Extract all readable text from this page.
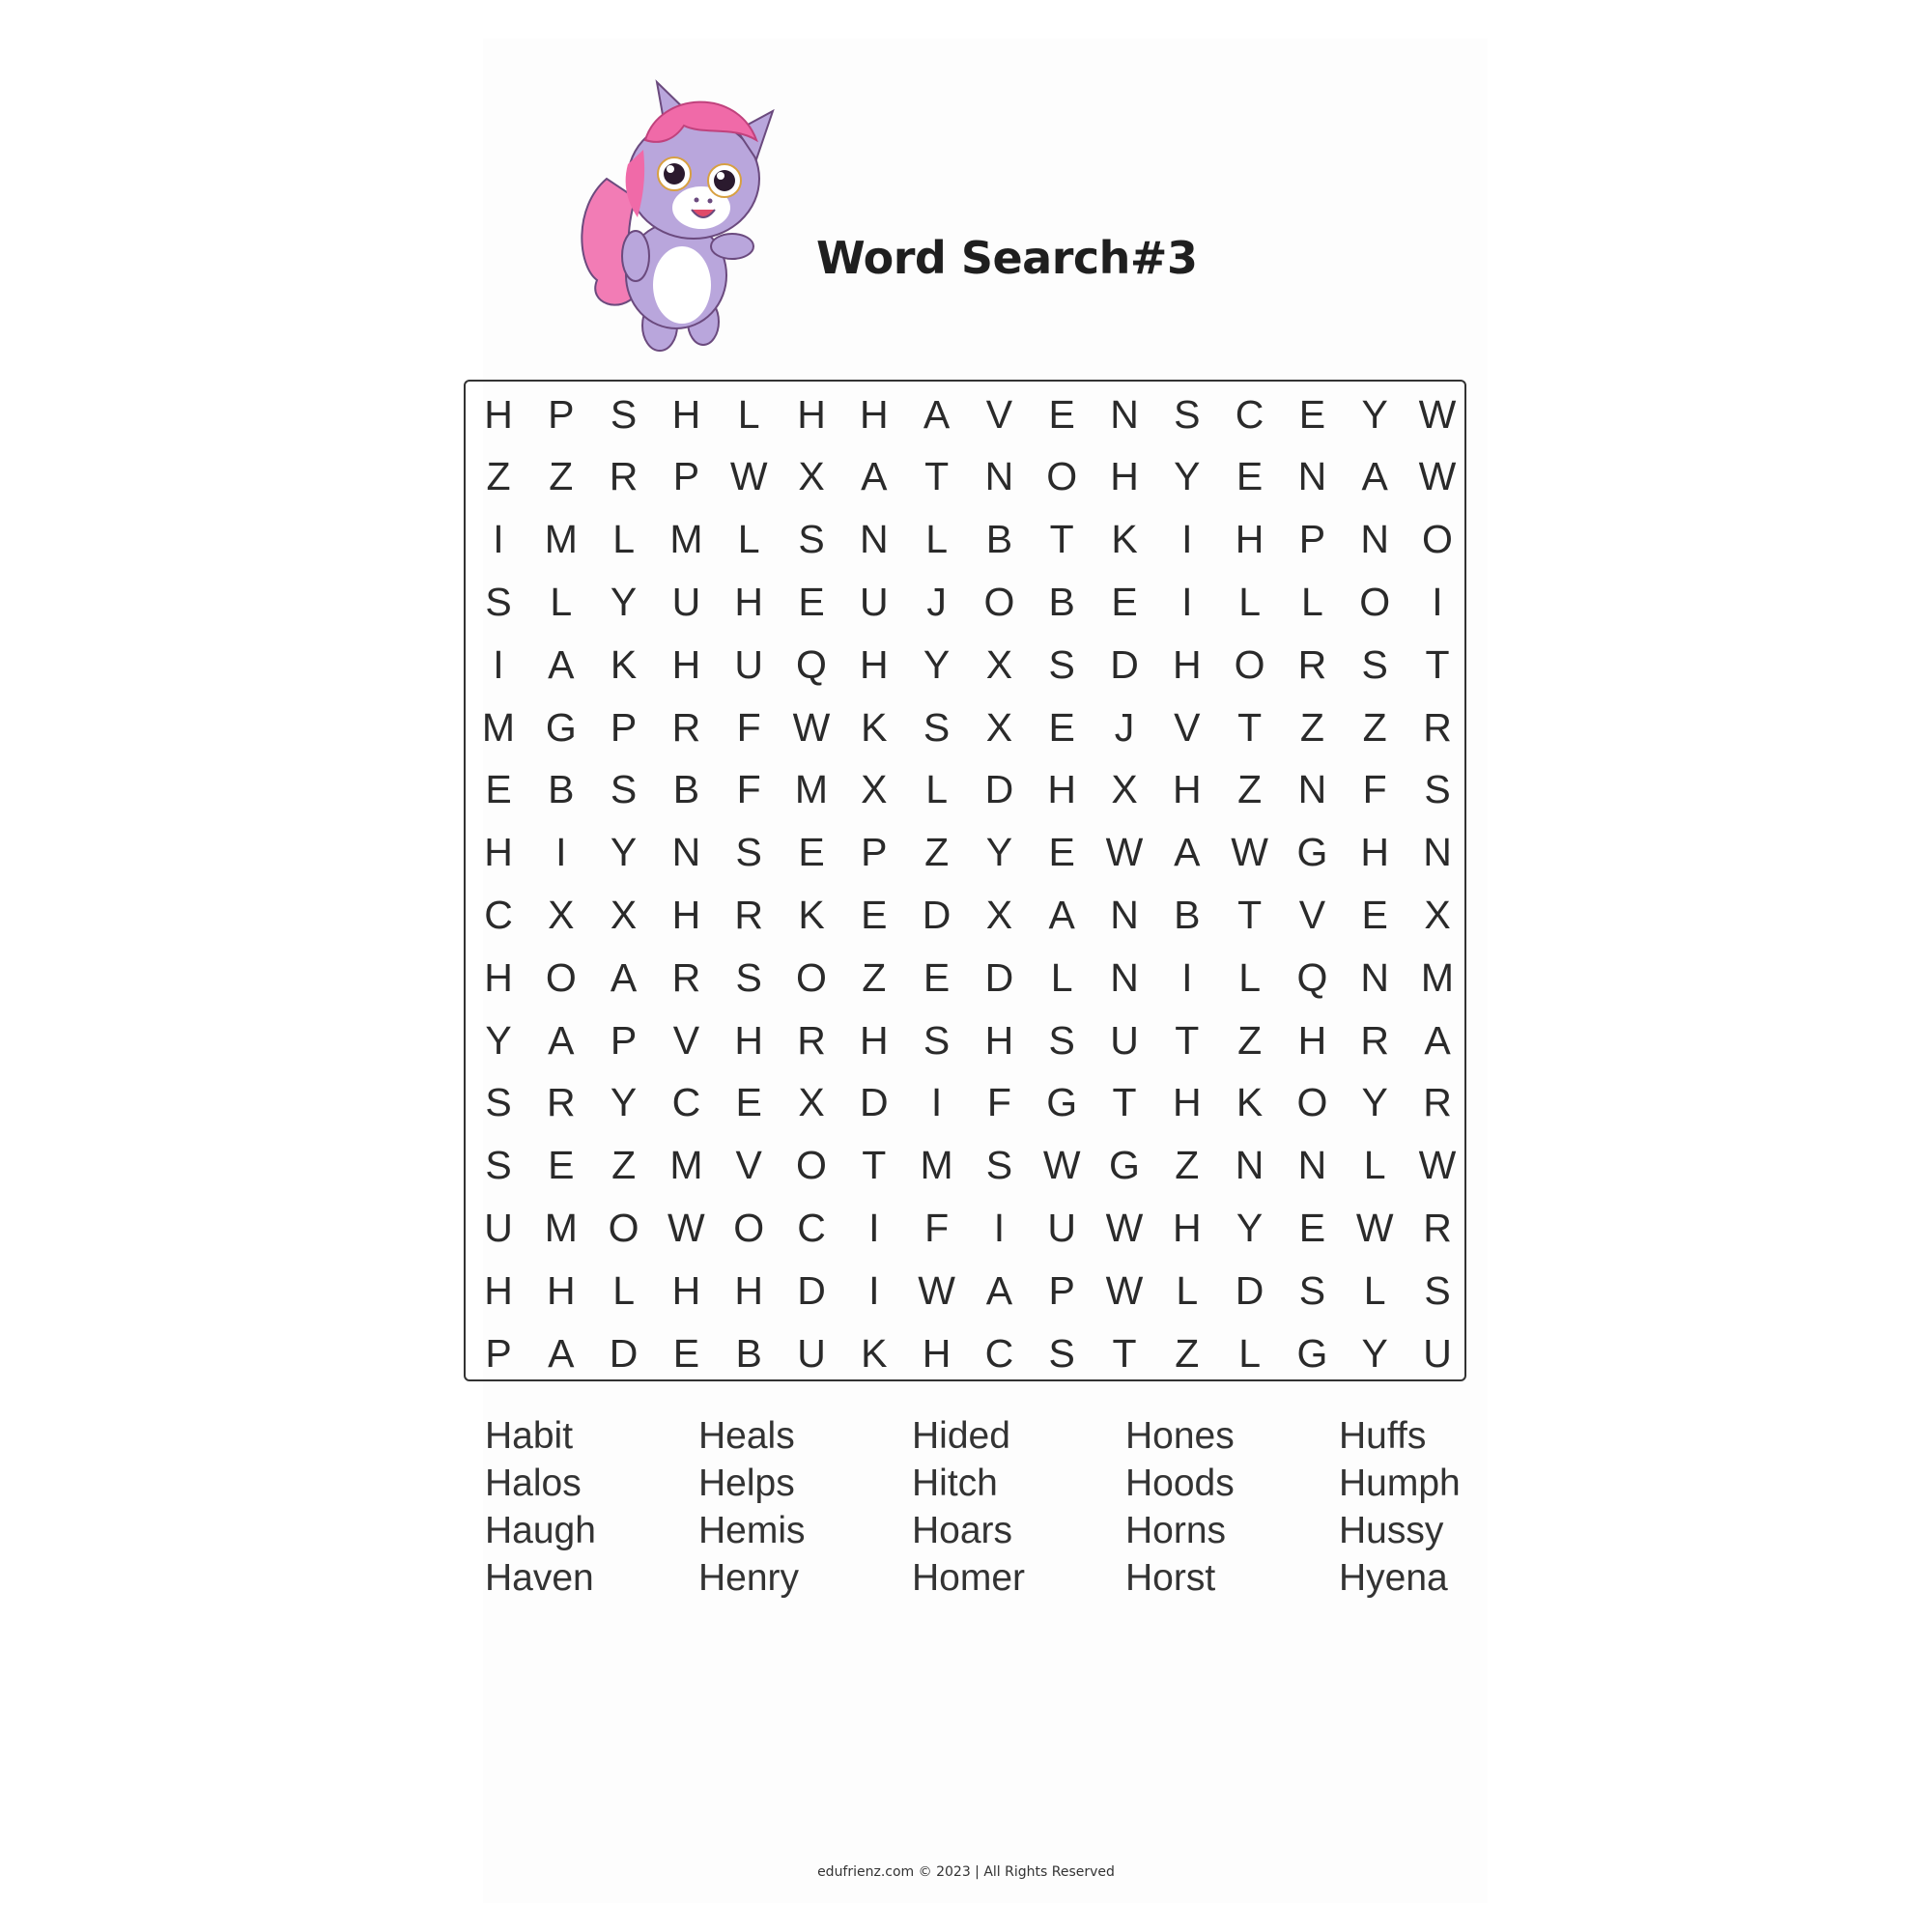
Word Search#3
H P S H L H H A V E N S C E Y W
Z Z R P W X A T N O H Y E N A W
I	M L M L S N L B T K	I	H P N O
S L Y U H E U J O B E	I	L	L O	I
I	A K H U Q H Y X S D H O R S T
M G P R F W K S X E J V T Z Z R
E B S B F M X L D H X H Z N F S
H	I	Y N S E P Z Y E W A W G H N
C X X H R K E D X A N B T V E X
H O A R S O Z E D L N	I	L Q N M
Y A P V H R H S H S U T Z H R A
S R Y C E X D	I	F G T H K O Y R
S E Z M V O T M S W G Z N N L W
U M O W O C	I	F	I	U W H Y E W R
H H L H H D	I W A P W L D S L S
P A D E B U K H C S T Z L G Y U
Habit
Halos
Haugh
Haven
Heals
Helps
Hemis
Henry
Hided
Hitch
Hoars
Homer
Hones
Hoods
Horns
Horst
Huffs
Humph
Hussy
Hyena
edufrienz.com © 2023 | All Rights Reserved
